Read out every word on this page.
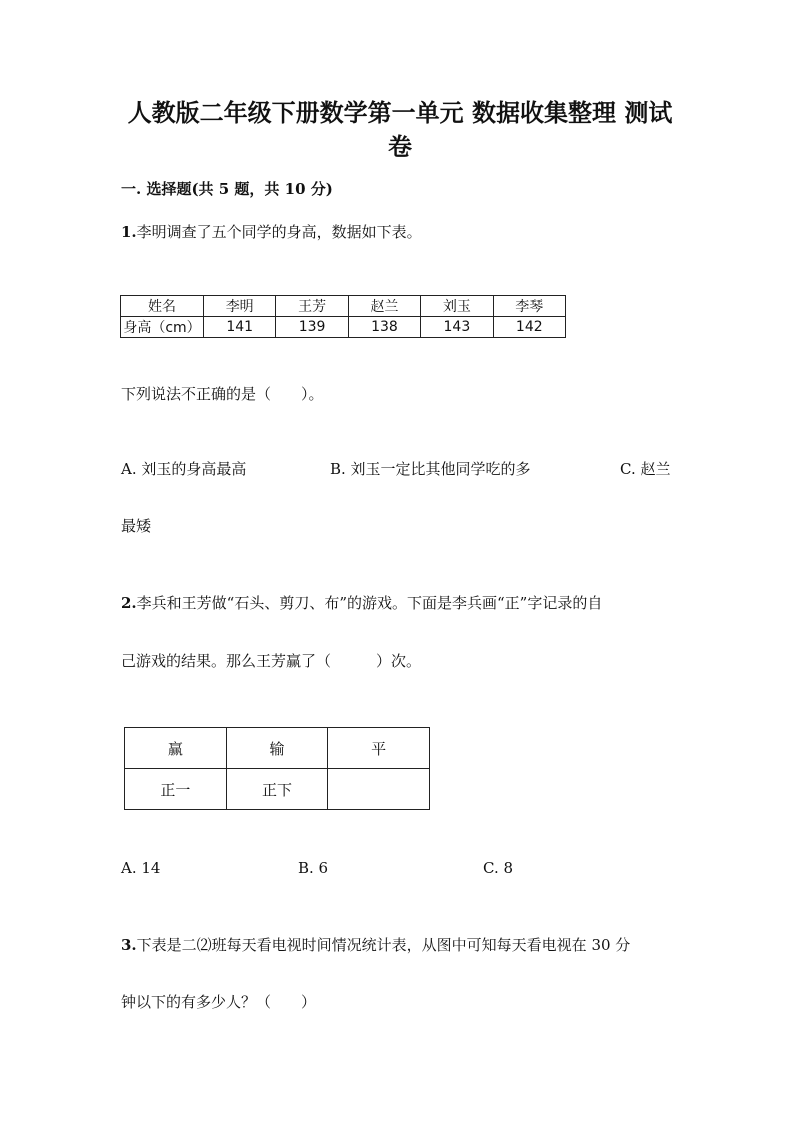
人教版二年级下册数学第一单元 数据收集整理 测试卷
一. 选择题(共 5 题，共 10 分)
1.李明调查了五个同学的身高，数据如下表。
姓名	李明	王芳	赵兰	刘玉	李琴
身高（cm）	141	139	138	143	142
下列说法不正确的是（　　）。
A. 刘玉的身高最高	B. 刘玉一定比其他同学吃的多	C. 赵兰
最矮
2.李兵和王芳做“石头、剪刀、布”的游戏。下面是李兵画“正”字记录的自
己游戏的结果。那么王芳赢了（　　　）次。
赢	输	平
正一	正下	
A. 14	B. 6	C. 8
3.下表是二⑵班每天看电视时间情况统计表，从图中可知每天看电视在 30 分
钟以下的有多少人？（　　）
